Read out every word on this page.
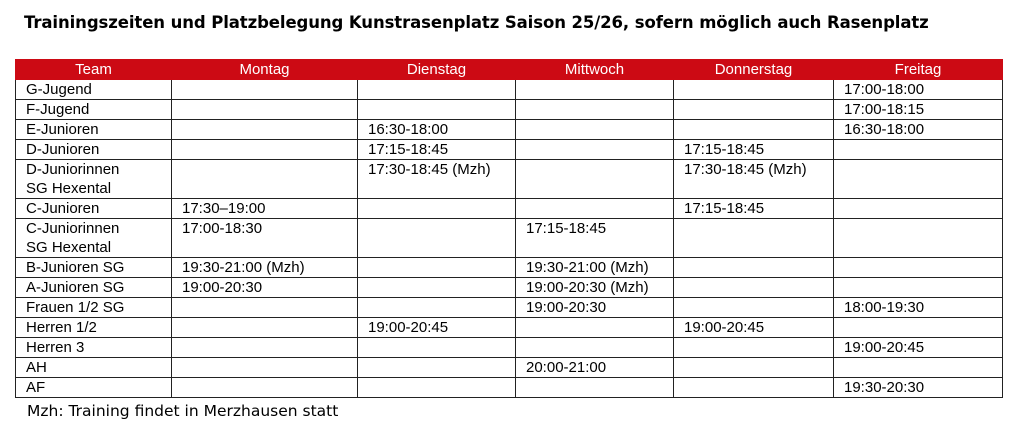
Trainingszeiten und Platzbelegung Kunstrasenplatz Saison 25/26, sofern möglich auch Rasenplatz
Team	Montag	Dienstag	Mittwoch	Donnerstag	Freitag

G-Jugend					17:00-18:00

F-Jugend					17:00-18:15

E-Junioren		16:30-18:00			16:30-18:00

D-Junioren		17:15-18:45		17:15-18:45	

D-Juniorinnen
SG Hexental		17:30-18:45 (Mzh)		17:30-18:45 (Mzh)	

C-Junioren	17:30–19:00			17:15-18:45	

C-Juniorinnen
SG Hexental	17:00-18:30		17:15-18:45		

B-Junioren SG	19:30-21:00 (Mzh)		19:30-21:00 (Mzh)		

A-Junioren SG	19:00-20:30		19:00-20:30 (Mzh)		

Frauen 1/2 SG			19:00-20:30		18:00-19:30

Herren 1/2		19:00-20:45		19:00-20:45	

Herren 3					19:00-20:45

AH			20:00-21:00		

AF					19:30-20:30
Mzh: Training findet in Merzhausen statt
